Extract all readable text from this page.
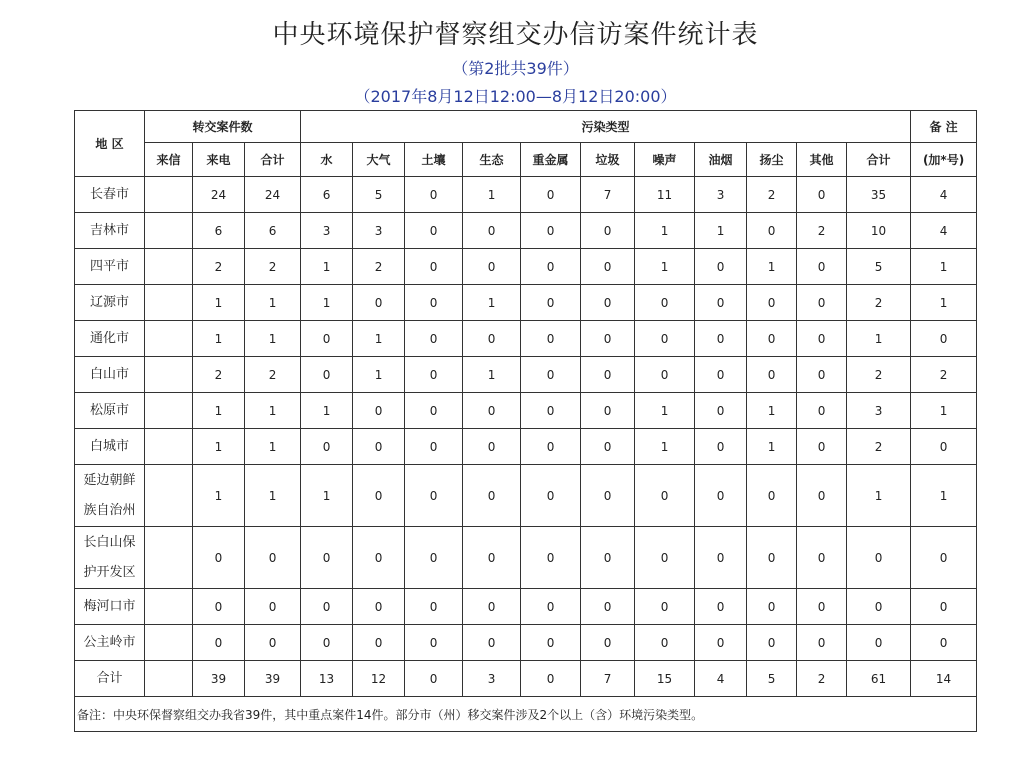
中央环境保护督察组交办信访案件统计表
（第2批共39件）
（2017年8月12日12:00—8月12日20:00）
地 区	转交案件数			污染类型											备 注
	来信	来电	合计	水	大气	土壤	生态	重金属	垃圾	噪声	油烟	扬尘	其他	合计	(加*号)

长春市		24	24	6	5	0	1	0	7	11	3	2	0	35	4

吉林市		6	6	3	3	0	0	0	0	1	1	0	2	10	4

四平市		2	2	1	2	0	0	0	0	1	0	1	0	5	1

辽源市		1	1	1	0	0	1	0	0	0	0	0	0	2	1

通化市		1	1	0	1	0	0	0	0	0	0	0	0	1	0

白山市		2	2	0	1	0	1	0	0	0	0	0	0	2	2

松原市		1	1	1	0	0	0	0	0	1	0	1	0	3	1

白城市		1	1	0	0	0	0	0	0	1	0	1	0	2	0

延边朝鲜
族自治州		1	1	1	0	0	0	0	0	0	0	0	0	1	1

长白山保
护开发区		0	0	0	0	0	0	0	0	0	0	0	0	0	0

梅河口市		0	0	0	0	0	0	0	0	0	0	0	0	0	0

公主岭市		0	0	0	0	0	0	0	0	0	0	0	0	0	0

合计		39	39	13	12	0	3	0	7	15	4	5	2	61	14
备注：中央环保督察组交办我省39件，其中重点案件14件。部分市（州）移交案件涉及2个以上（含）环境污染类型。															
